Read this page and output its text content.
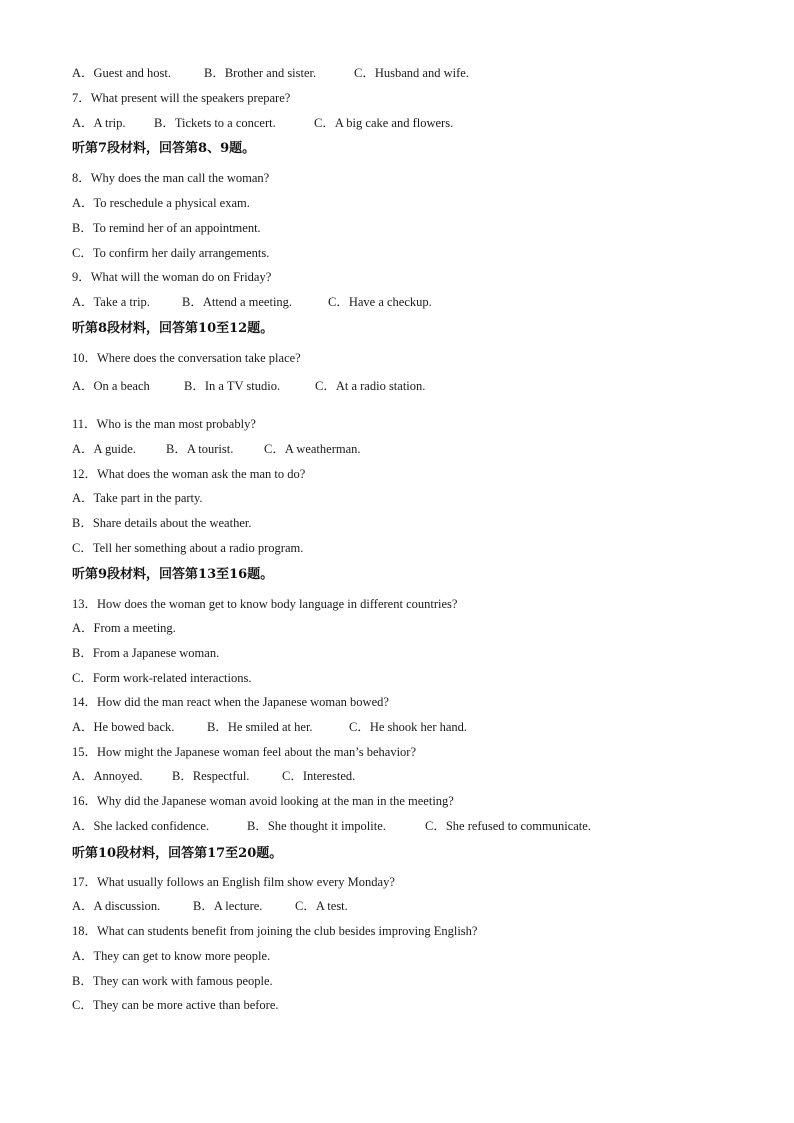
A．Guest and host.	B．Brother and sister.	C．Husband and wife.
7．What present will the speakers prepare?
A．A trip.	B．Tickets to a concert.	C．A big cake and flowers.
听第7段材料，回答第8、9题。
8．Why does the man call the woman?
A．To reschedule a physical exam.
B．To remind her of an appointment.
C．To confirm her daily arrangements.
9．What will the woman do on Friday?
A．Take a trip.	B．Attend a meeting.	C．Have a checkup.
听第8段材料，回答第10至12题。
10．Where does the conversation take place?
A．On a beach	B．In a TV studio.	C．At a radio station.
11．Who is the man most probably?
A．A guide.	B．A tourist.	C．A weatherman.
12．What does the woman ask the man to do?
A．Take part in the party.
B．Share details about the weather.
C．Tell her something about a radio program.
听第9段材料，回答第13至16题。
13．How does the woman get to know body language in different countries?
A．From a meeting.
B．From a Japanese woman.
C．Form work-related interactions.
14．How did the man react when the Japanese woman bowed?
A．He bowed back.	B．He smiled at her.	C．He shook her hand.
15．How might the Japanese woman feel about the man’s behavior?
A．Annoyed.	B．Respectful.	C．Interested.
16．Why did the Japanese woman avoid looking at the man in the meeting?
A．She lacked confidence.	B．She thought it impolite.	C．She refused to communicate.
听第10段材料，回答第17至20题。
17．What usually follows an English film show every Monday?
A．A discussion.	B．A lecture.	C．A test.
18．What can students benefit from joining the club besides improving English?
A．They can get to know more people.
B．They can work with famous people.
C．They can be more active than before.
